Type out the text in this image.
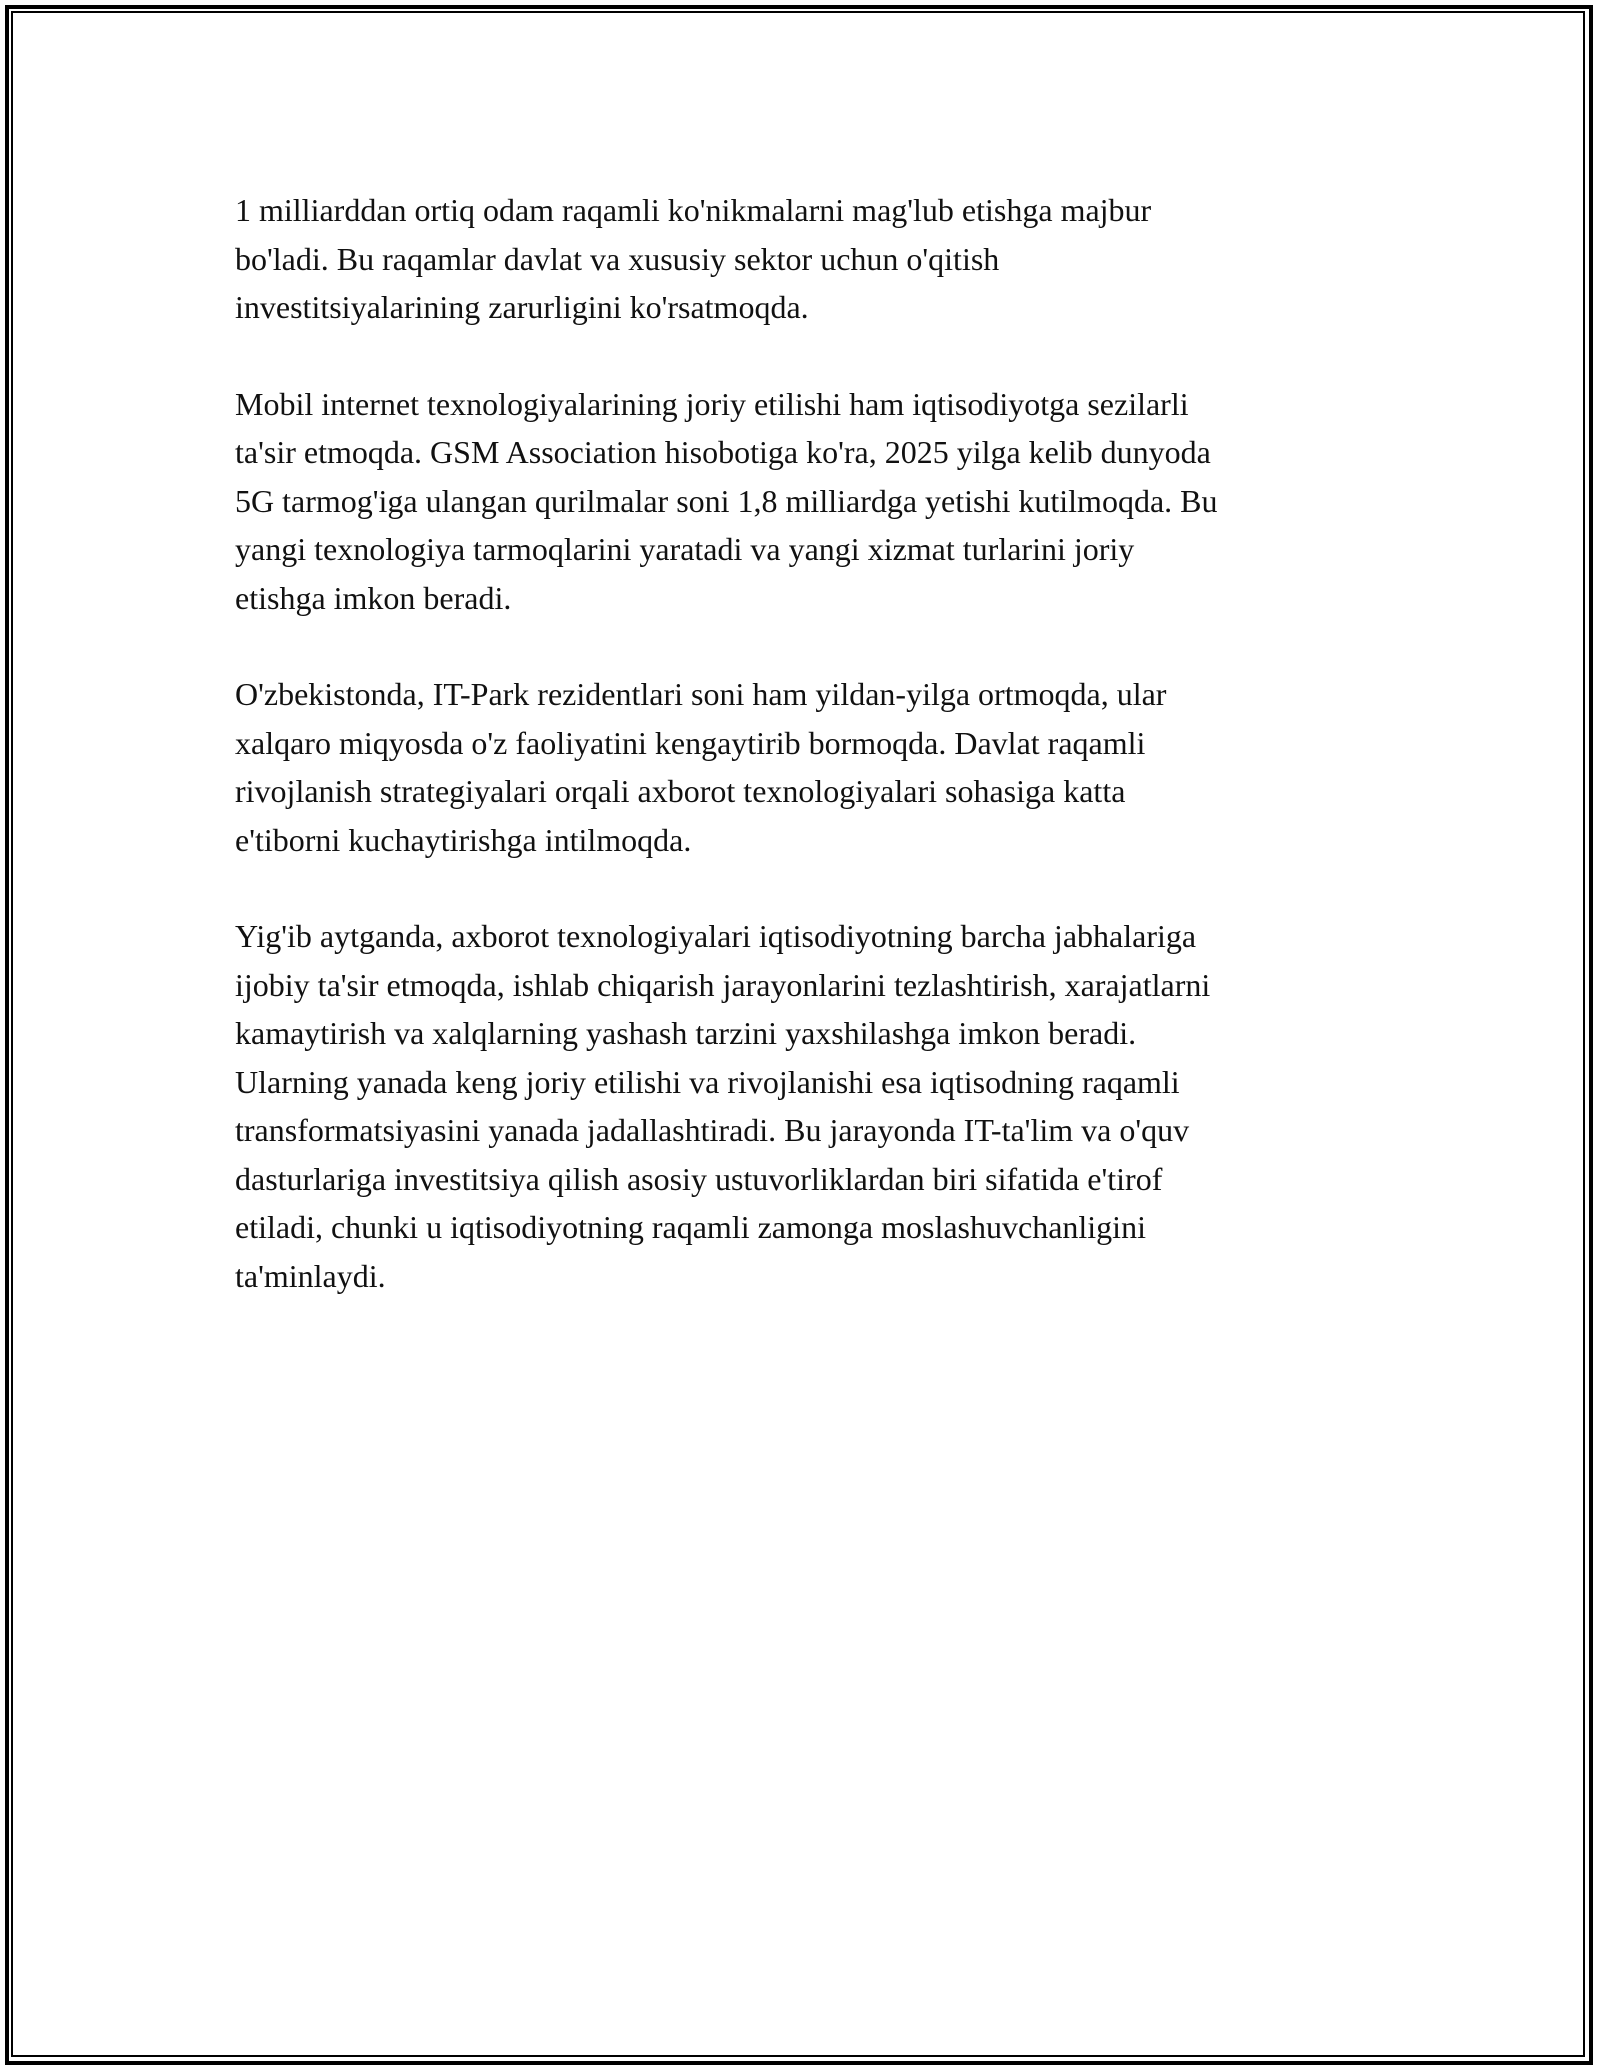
1 milliarddan ortiq odam raqamli ko'nikmalarni mag'lub etishga majbur
bo'ladi. Bu raqamlar davlat va xususiy sektor uchun o'qitish
investitsiyalarining zarurligini ko'rsatmoqda.

Mobil internet texnologiyalarining joriy etilishi ham iqtisodiyotga sezilarli
ta'sir etmoqda. GSM Association hisobotiga ko'ra, 2025 yilga kelib dunyoda
5G tarmog'iga ulangan qurilmalar soni 1,8 milliardga yetishi kutilmoqda. Bu
yangi texnologiya tarmoqlarini yaratadi va yangi xizmat turlarini joriy
etishga imkon beradi.

O'zbekistonda, IT-Park rezidentlari soni ham yildan-yilga ortmoqda, ular
xalqaro miqyosda o'z faoliyatini kengaytirib bormoqda. Davlat raqamli
rivojlanish strategiyalari orqali axborot texnologiyalari sohasiga katta
e'tiborni kuchaytirishga intilmoqda.

Yig'ib aytganda, axborot texnologiyalari iqtisodiyotning barcha jabhalariga
ijobiy ta'sir etmoqda, ishlab chiqarish jarayonlarini tezlashtirish, xarajatlarni
kamaytirish va xalqlarning yashash tarzini yaxshilashga imkon beradi.
Ularning yanada keng joriy etilishi va rivojlanishi esa iqtisodning raqamli
transformatsiyasini yanada jadallashtiradi. Bu jarayonda IT-ta'lim va o'quv
dasturlariga investitsiya qilish asosiy ustuvorliklardan biri sifatida e'tirof
etiladi, chunki u iqtisodiyotning raqamli zamonga moslashuvchanligini
ta'minlaydi.
